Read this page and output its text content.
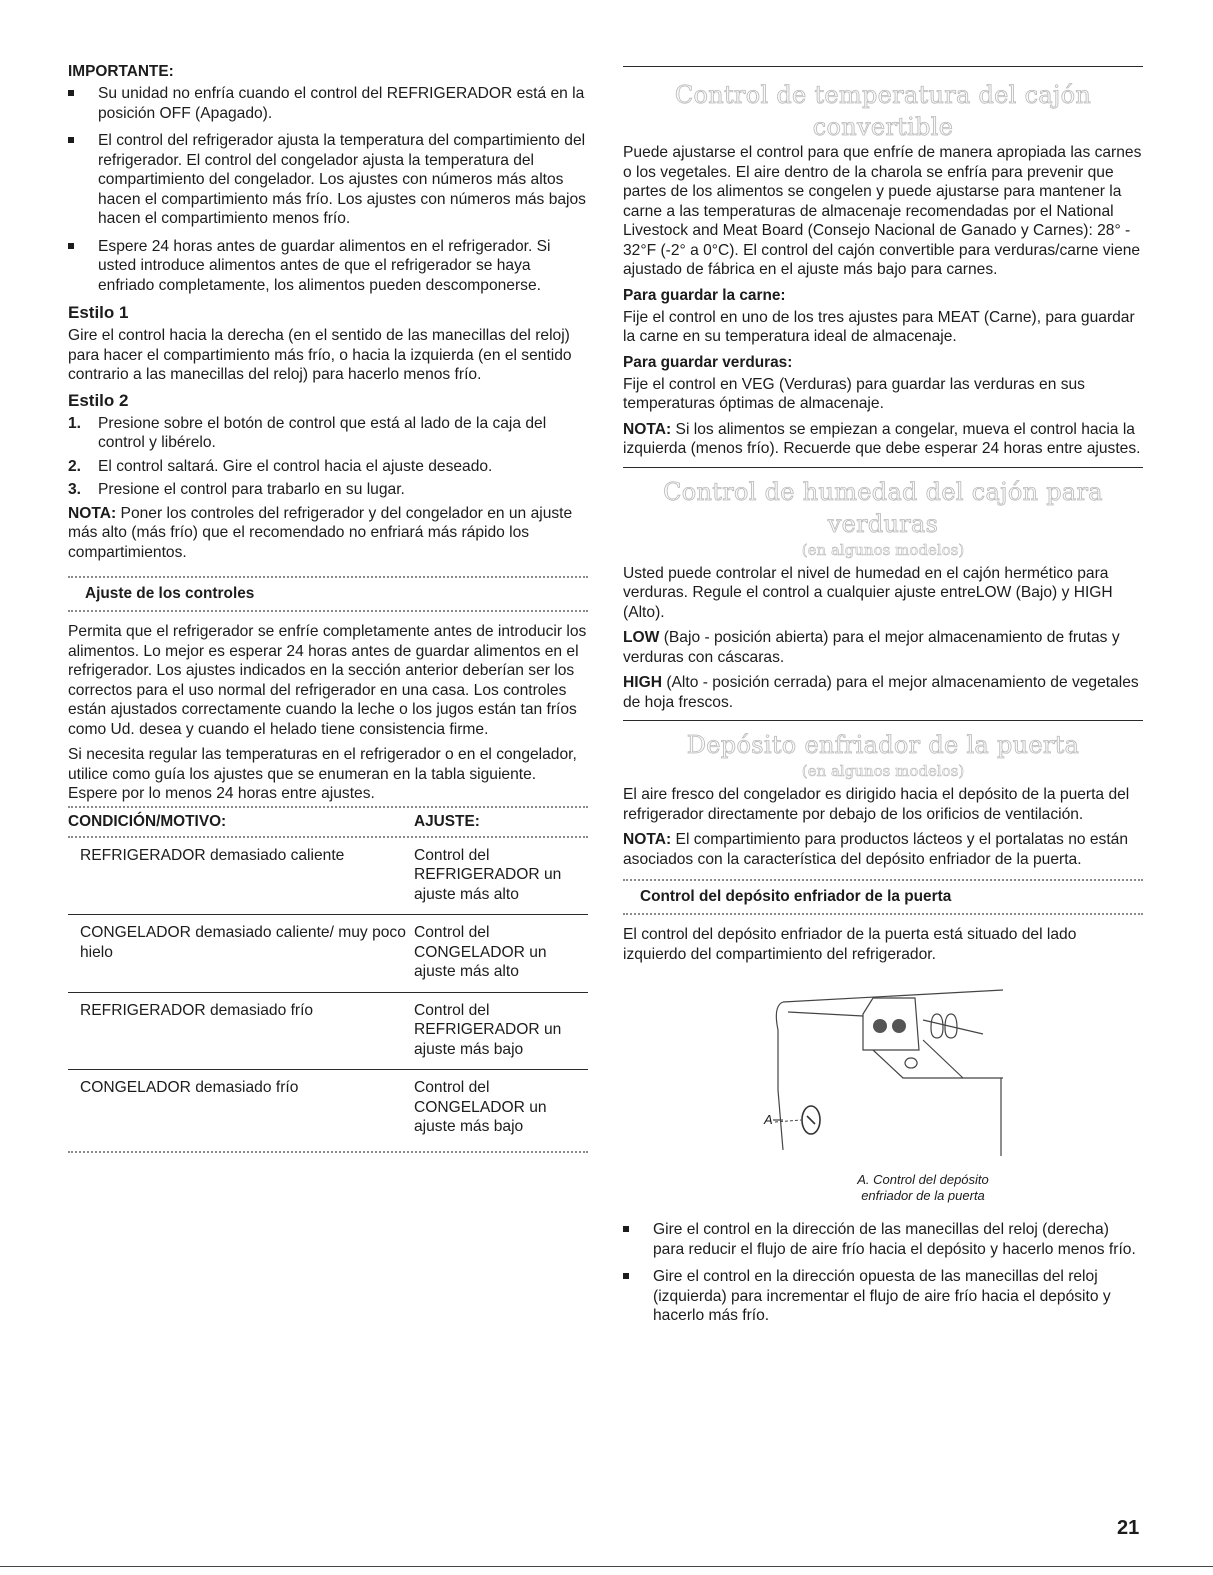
IMPORTANTE:
Su unidad no enfría cuando el control del REFRIGERADOR está en la posición OFF (Apagado).
El control del refrigerador ajusta la temperatura del compartimiento del refrigerador. El control del congelador ajusta la temperatura del compartimiento del congelador. Los ajustes con números más altos hacen el compartimiento más frío. Los ajustes con números más bajos hacen el compartimiento menos frío.
Espere 24 horas antes de guardar alimentos en el refrigerador. Si usted introduce alimentos antes de que el refrigerador se haya enfriado completamente, los alimentos pueden descomponerse.
Estilo 1

Gire el control hacia la derecha (en el sentido de las manecillas del reloj) para hacer el compartimiento más frío, o hacia la izquierda (en el sentido contrario a las manecillas del reloj) para hacerlo menos frío.

Estilo 2
1. Presione sobre el botón de control que está al lado de la caja del control y libérelo.
2. El control saltará. Gire el control hacia el ajuste deseado.
3. Presione el control para trabarlo en su lugar.

NOTA: Poner los controles del refrigerador y del congelador en un ajuste más alto (más frío) que el recomendado no enfriará más rápido los compartimientos.

Ajuste de los controles

Permita que el refrigerador se enfríe completamente antes de introducir los alimentos. Lo mejor es esperar 24 horas antes de guardar alimentos en el refrigerador. Los ajustes indicados en la sección anterior deberían ser los correctos para el uso normal del refrigerador en una casa. Los controles están ajustados correctamente cuando la leche o los jugos están tan fríos como Ud. desea y cuando el helado tiene consistencia firme.

Si necesita regular las temperaturas en el refrigerador o en el congelador, utilice como guía los ajustes que se enumeran en la tabla siguiente. Espere por lo menos 24 horas entre ajustes.

CONDICIÓN/MOTIVO:	AJUSTE:

REFRIGERADOR demasiado caliente	Control del REFRIGERADOR un ajuste más alto
CONGELADOR demasiado caliente/ muy poco hielo	Control del CONGELADOR un ajuste más alto
REFRIGERADOR demasiado frío	Control del REFRIGERADOR un ajuste más bajo
CONGELADOR demasiado frío	Control del CONGELADOR un ajuste más bajo
Control de temperatura del cajón convertible

Puede ajustarse el control para que enfríe de manera apropiada las carnes o los vegetales. El aire dentro de la charola se enfría para prevenir que partes de los alimentos se congelen y puede ajustarse para mantener la carne a las temperaturas de almacenaje recomendadas por el National Livestock and Meat Board (Consejo Nacional de Ganado y Carnes): 28° - 32°F (-2° a 0°C). El control del cajón convertible para verduras/carne viene ajustado de fábrica en el ajuste más bajo para carnes.

Para guardar la carne:

Fije el control en uno de los tres ajustes para MEAT (Carne), para guardar la carne en su temperatura ideal de almacenaje.

Para guardar verduras:

Fije el control en VEG (Verduras) para guardar las verduras en sus temperaturas óptimas de almacenaje.

NOTA: Si los alimentos se empiezan a congelar, mueva el control hacia la izquierda (menos frío). Recuerde que debe esperar 24 horas entre ajustes.

Control de humedad del cajón para verduras
(en algunos modelos)

Usted puede controlar el nivel de humedad en el cajón hermético para verduras. Regule el control a cualquier ajuste entreLOW (Bajo) y HIGH (Alto).

LOW (Bajo - posición abierta) para el mejor almacenamiento de frutas y verduras con cáscaras.

HIGH (Alto - posición cerrada) para el mejor almacenamiento de vegetales de hoja frescos.

Depósito enfriador de la puerta
(en algunos modelos)

El aire fresco del congelador es dirigido hacia el depósito de la puerta del refrigerador directamente por debajo de los orificios de ventilación.

NOTA: El compartimiento para productos lácteos y el portalatas no están asociados con la característica del depósito enfriador de la puerta.

Control del depósito enfriador de la puerta

El control del depósito enfriador de la puerta está situado del lado izquierdo del compartimiento del refrigerador.

A
A. Control del depósito
enfriador de la puerta
Gire el control en la dirección de las manecillas del reloj (derecha) para reducir el flujo de aire frío hacia el depósito y hacerlo menos frío.
Gire el control en la dirección opuesta de las manecillas del reloj (izquierda) para incrementar el flujo de aire frío hacia el depósito y hacerlo más frío.
21
